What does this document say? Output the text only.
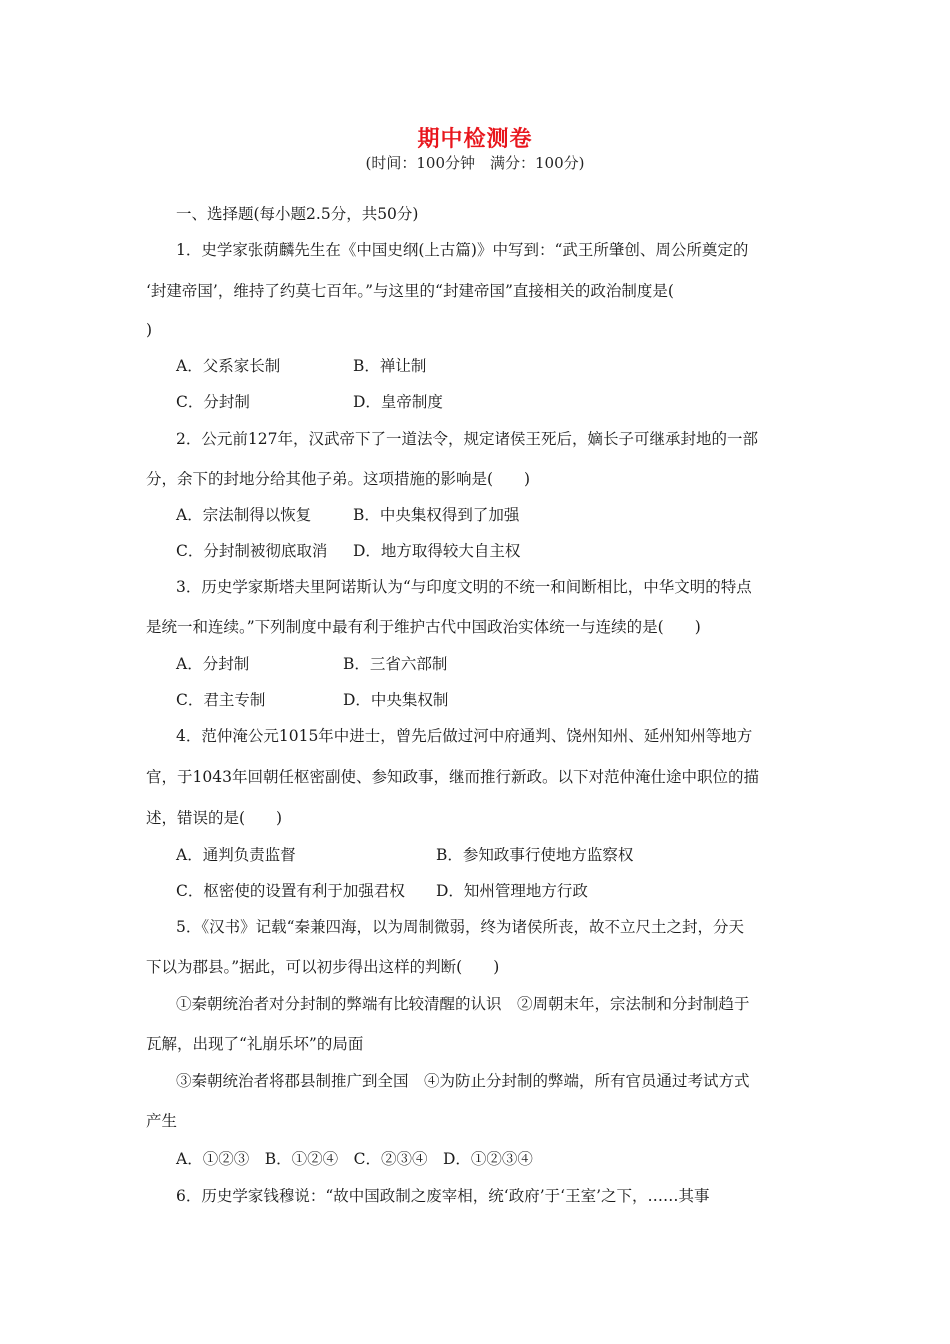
期中检测卷
(时间：100分钟　满分：100分)
一、选择题(每小题2.5分，共50分)
1．史学家张荫麟先生在《中国史纲(上古篇)》中写到：“武王所肇创、周公所奠定的
‘封建帝国’，维持了约莫七百年。”与这里的“封建帝国”直接相关的政治制度是(
)
A．父系家长制	B．禅让制
C．分封制	D．皇帝制度
2．公元前127年，汉武帝下了一道法令，规定诸侯王死后，嫡长子可继承封地的一部
分，余下的封地分给其他子弟。这项措施的影响是(　　)
A．宗法制得以恢复	B．中央集权得到了加强
C．分封制被彻底取消 D．地方取得较大自主权
3．历史学家斯塔夫里阿诺斯认为“与印度文明的不统一和间断相比，中华文明的特点
是统一和连续。”下列制度中最有利于维护古代中国政治实体统一与连续的是(　　)
A．分封制	B．三省六部制
C．君主专制	D．中央集权制
4．范仲淹公元1015年中进士，曾先后做过河中府通判、饶州知州、延州知州等地方
官，于1043年回朝任枢密副使、参知政事，继而推行新政。以下对范仲淹仕途中职位的描
述，错误的是(　　)
A．通判负责监督	B．参知政事行使地方监察权
C．枢密使的设置有利于加强君权 D．知州管理地方行政
5．《汉书》记载“秦兼四海，以为周制微弱，终为诸侯所丧，故不立尺土之封，分天
下以为郡县。”据此，可以初步得出这样的判断(　　)
①秦朝统治者对分封制的弊端有比较清醒的认识　②周朝末年，宗法制和分封制趋于
瓦解，出现了“礼崩乐坏”的局面
③秦朝统治者将郡县制推广到全国　④为防止分封制的弊端，所有官员通过考试方式
产生
A．①②③　B．①②④　C．②③④　D．①②③④
6．历史学家钱穆说：“故中国政制之废宰相，统‘政府’于‘王室’之下，……其事
